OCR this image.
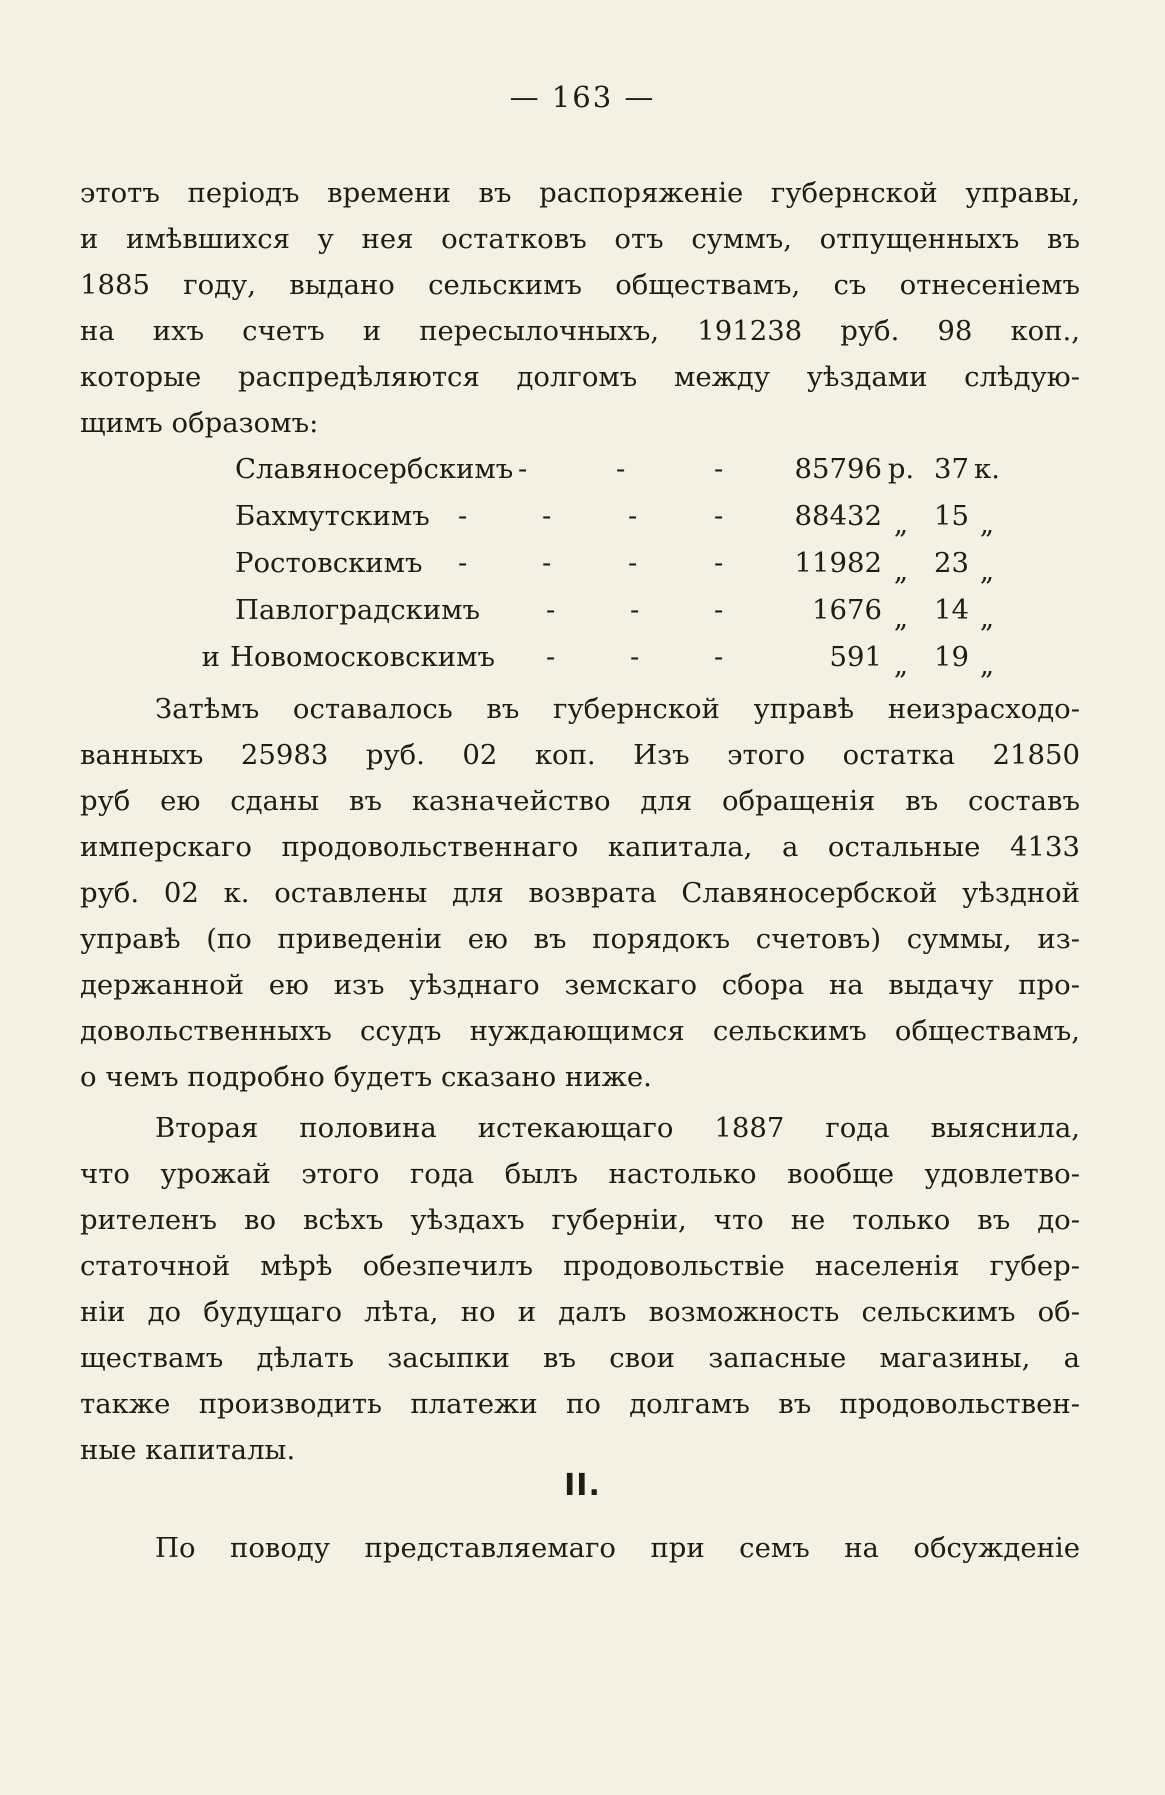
— 163 —
этотъ періодъ времени въ распоряженіе губернской управы,
и имѣвшихся у нея остатковъ отъ суммъ, отпущенныхъ въ
1885 году, выдано сельскимъ обществамъ, съ отнесеніемъ
на ихъ счетъ и пересылочныхъ, 191238 руб. 98 коп.,
которые распредѣляются долгомъ между уѣздами слѣдую-
щимъ образомъ:
Славяносербскимъ -	-	-	85796 р. 37 к.
Бахмутскимъ -	-	-	-	88432 „ 15 „
Ростовскимъ -	-	-	-	11982 „ 23 „
Павлоградскимъ -	-	-	1676 „ 14 „
и Новомосковскимъ -	-	-	591 „ 19 „
Затѣмъ оставалось въ губернской управѣ неизрасходо-
ванныхъ 25983 руб. 02 коп. Изъ этого остатка 21850
руб ею сданы въ казначейство для обращенія въ составъ
имперскаго продовольственнаго капитала, а остальные 4133
руб. 02 к. оставлены для возврата Славяносербской уѣздной
управѣ (по приведеніи ею въ порядокъ счетовъ) суммы, из-
держанной ею изъ уѣзднаго земскаго сбора на выдачу про-
довольственныхъ ссудъ нуждающимся сельскимъ обществамъ,
о чемъ подробно будетъ сказано ниже.
Вторая половина истекающаго 1887 года выяснила,
что урожай этого года былъ настолько вообще удовлетво-
рителенъ во всѣхъ уѣздахъ губерніи, что не только въ до-
статочной мѣрѣ обезпечилъ продовольствіе населенія губер-
ніи до будущаго лѣта, но и далъ возможность сельскимъ об-
ществамъ дѣлать засыпки въ свои запасные магазины, а
также производить платежи по долгамъ въ продовольствен-
ные капиталы.
II.
По поводу представляемаго при семъ на обсужденіе
